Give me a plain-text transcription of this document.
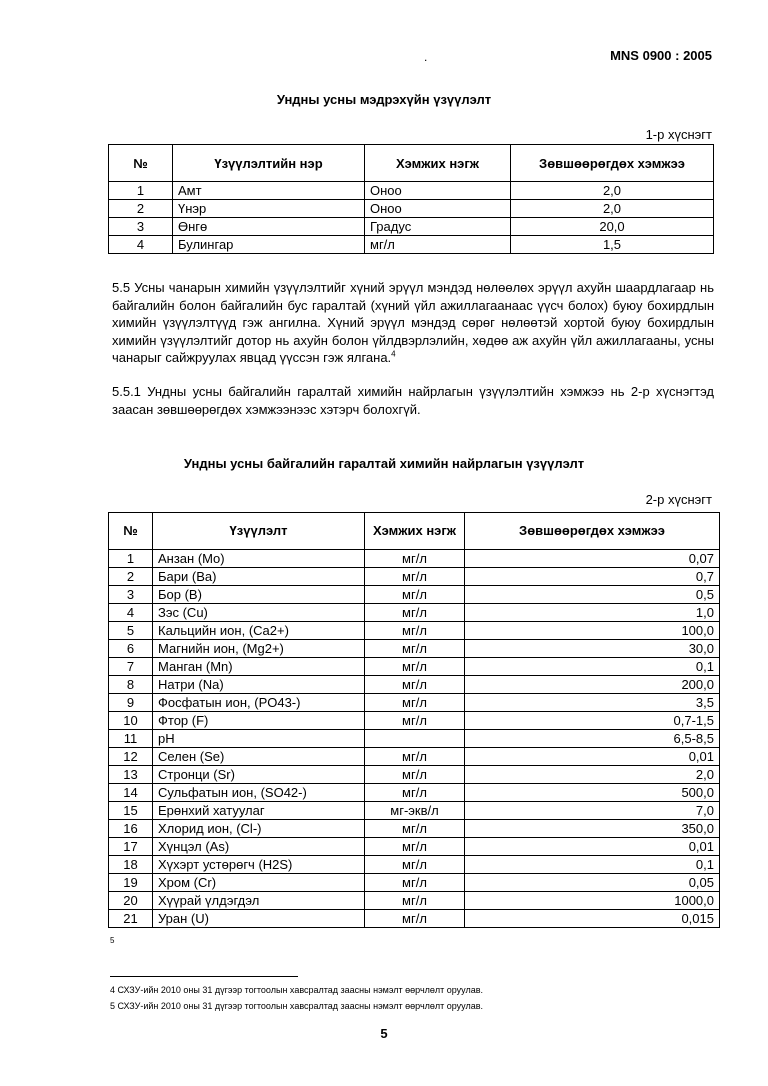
.	MNS 0900 : 2005
Ундны усны мэдрэхүйн үзүүлэлт
1-р хүснэгт
№	Үзүүлэлтийн нэр	Хэмжих нэгж	Зөвшөөрөгдөх хэмжээ
1	Амт	Оноо	2,0
2	Үнэр	Оноо	2,0
3	Өнгө	Градус	20,0
4	Булингар	мг/л	1,5
5.5 Усны чанарын химийн үзүүлэлтийг хүний эрүүл мэндэд нөлөөлөх эрүүл ахуйн шаардлагаар нь байгалийн болон байгалийн бус гаралтай (хүний үйл ажиллагаанаас үүсч болох) буюу бохирдлын химийн үзүүлэлтүүд гэж ангилна. Хүний эрүүл мэндэд сөрөг нөлөөтэй хортой буюу бохирдлын химийн үзүүлэлтийг дотор нь ахуйн болон үйлдвэрлэлийн, хөдөө аж ахуйн үйл ажиллагааны, усны чанарыг сайжруулах явцад үүссэн гэж ялгана.$^4$
5.5.1 Ундны усны байгалийн гаралтай химийн найрлагын үзүүлэлтийн хэмжээ нь 2-р хүснэгтэд заасан зөвшөөрөгдөх хэмжээнээс хэтэрч болохгүй.
Ундны усны байгалийн гаралтай химийн найрлагын үзүүлэлт
2-р хүснэгт
№	Үзүүлэлт	Хэмжих нэгж	Зөвшөөрөгдөх хэмжээ
1	Анзан (Mo)	мг/л	0,07
2	Бари (Ba)	мг/л	0,7
3	Бор (B)	мг/л	0,5
4	Зэс (Cu)	мг/л	1,0
5	Кальцийн ион, (Ca2+)	мг/л	100,0
6	Магнийн ион, (Mg2+)	мг/л	30,0
7	Манган (Mn)	мг/л	0,1
8	Натри (Na)	мг/л	200,0
9	Фосфатын ион, (PO43-)	мг/л	3,5
10	Фтор (F)	мг/л	0,7-1,5
11	pH		6,5-8,5
12	Селен (Se)	мг/л	0,01
13	Стронци (Sr)	мг/л	2,0
14	Сульфатын ион, (SO42-)	мг/л	500,0
15	Ерөнхий хатуулаг	мг-экв/л	7,0
16	Хлорид ион, (Cl-)	мг/л	350,0
17	Хүнцэл (As)	мг/л	0,01
18	Хүхэрт устөрөгч (H2S)	мг/л	0,1
19	Хром (Cr)	мг/л	0,05
20	Хүүрай үлдэгдэл	мг/л	1000,0
21	Уран (U)	мг/л	0,015
5
4 СХЗУ-ийн 2010 оны 31 дүгээр тогтоолын хавсралтад заасны нэмэлт өөрчлөлт оруулав.
5 СХЗУ-ийн 2010 оны 31 дүгээр тогтоолын хавсралтад заасны нэмэлт өөрчлөлт оруулав.
5
